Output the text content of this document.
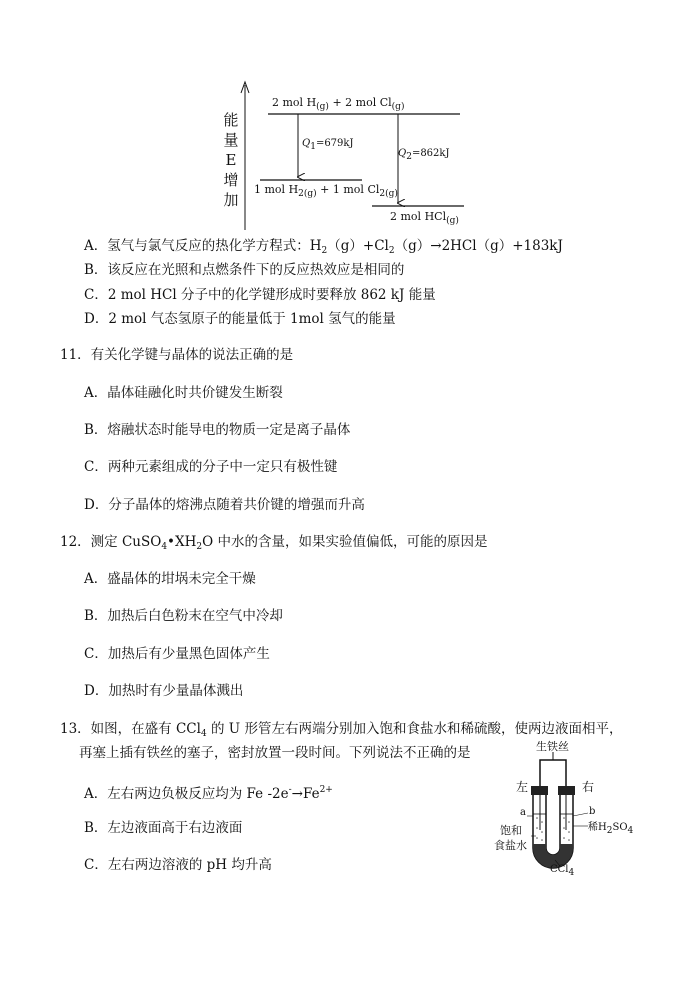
能
量
E
增
加
2 mol $H_{(g)} + 2$ mol $Cl_{(g)}$
Q1=679kJ
Q2=862kJ
1 mol $H_{2(g)} + 1$ mol $Cl_{2(g)}$
2 mol HCl$_{(g)}$
A．氢气与氯气反应的热化学方程式：$H_2(g)+Cl_2(g)\to 2HCl(g)+183kJ$
B．该反应在光照和点燃条件下的反应热效应是相同的
C．2 mol HCl 分子中的化学键形成时要释放 862 kJ 能量
D．2 mol 气态氢原子的能量低于 1mol 氢气的能量
11．有关化学键与晶体的说法正确的是
A．晶体硅融化时共价键发生断裂
B．熔融状态时能导电的物质一定是离子晶体
C．两种元素组成的分子中一定只有极性键
D．分子晶体的熔沸点随着共价键的增强而升高
12．测定 $CuSO_4•XH_2O$ 中水的含量，如果实验值偏低，可能的原因是
A．盛晶体的坩埚未完全干燥
B．加热后白色粉末在空气中冷却
C．加热后有少量黑色固体产生
D．加热时有少量晶体溅出
13．如图，在盛有 CCl$_4$ 的 U 形管左右两端分别加入饱和食盐水和稀硫酸，使两边液面相平，
再塞上插有铁丝的塞子，密封放置一段时间。下列说法不正确的是
A．左右两边负极反应均为 Fe $-2e^-\to Fe^{2+}$
B．左边液面高于右边液面
C．左右两边溶液的 pH 均升高
生铁丝
左	右
a	b
稀H2SO4
饱和
食盐水
CCl4
